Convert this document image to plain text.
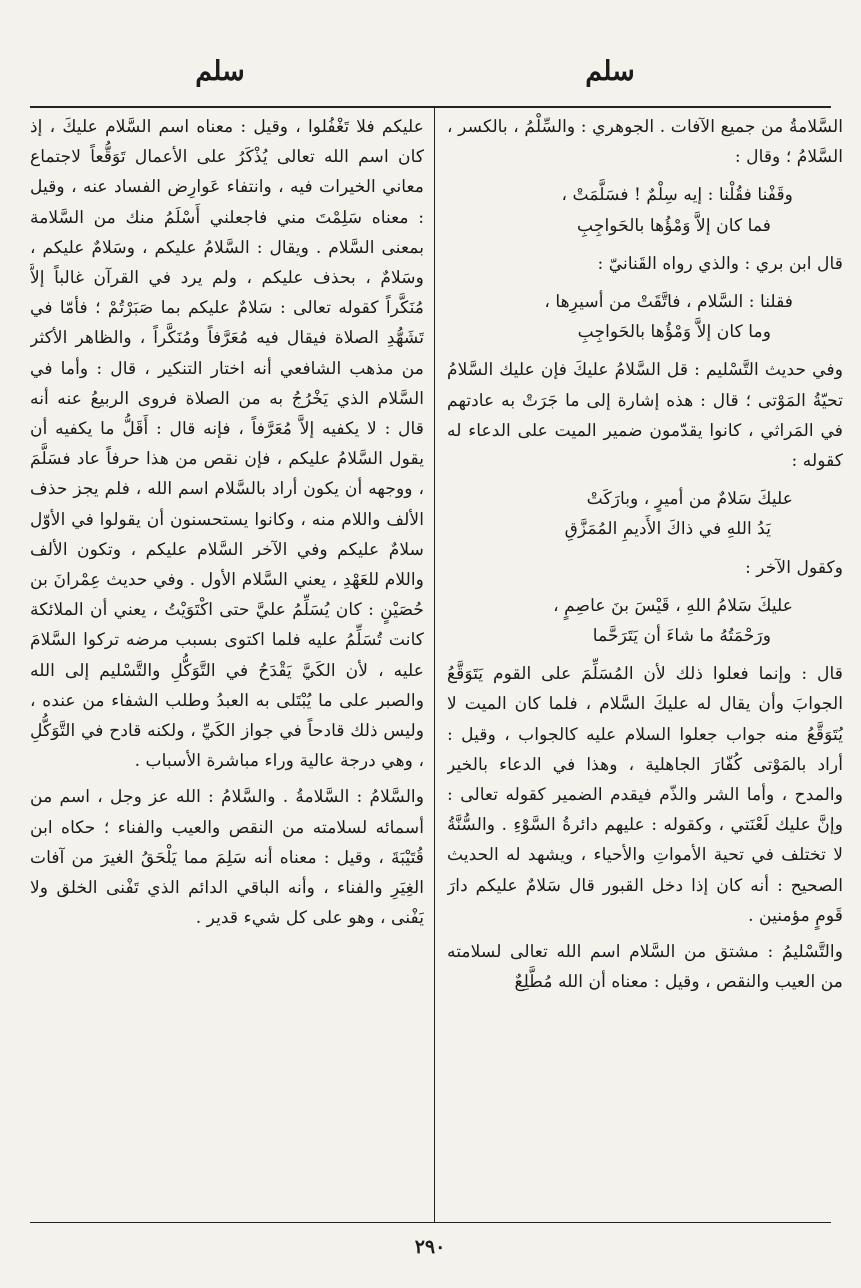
سلم
سلم

السَّلامةُ من جميع الآفات . الجوهري : والسِّلْمُ ، بالكسر ، السَّلامُ ؛ وقال :

وقَفْنا فقُلْنا : إيه سِلْمٌ ! فسَلَّمَتْ ،
فما كان إلاَّ وَمْؤُها بالحَواجِبِ

قال ابن بري : والذي رواه القَنانيّ :

فقلنا : السَّلام ، فاتَّقَتْ من أسيرِها ،
وما كان إلاَّ وَمْؤُها بالحَواجِبِ

وفي حديث التَّسْليم : قل السَّلامُ عليكَ فإن عليك السَّلامُ تحيّةُ المَوْتى ؛ قال : هذه إشارة إلى ما جَرَتْ به عادتهم في المَراثي ، كانوا يقدّمون ضمير الميت على الدعاء له كقوله :

عليكَ سَلامٌ من أميرٍ ، وبارَكَتْ
يَدُ اللهِ في ذاكَ الأَديمِ المُمَزَّقِ

وكقول الآخر :

عليكَ سَلامُ اللهِ ، قَيْسَ بنَ عاصِمٍ ،
ورَحْمَتُهُ ما شاءَ أن يَتَرَحَّما

قال : وإنما فعلوا ذلك لأن المُسَلِّمَ على القوم يَتَوَقَّعُ الجوابَ وأن يقال له عليكَ السَّلام ، فلما كان الميت لا يُتَوَقَّعُ منه جواب جعلوا السلام عليه كالجواب ، وقيل : أراد بالمَوْتى كُفّارَ الجاهلية ، وهذا في الدعاء بالخير والمدح ، وأما الشر والذّم فيقدم الضمير كقوله تعالى : وإنَّ عليك لَعْنَتي ، وكقوله : عليهم دائرةُ السَّوْءِ . والسُّنَّةُ لا تختلف في تحية الأمواتِ والأحياء ، ويشهد له الحديث الصحيح : أنه كان إذا دخل القبور قال سَلامٌ عليكم دارَ قَومٍ مؤمنين .

والتَّسْليمُ : مشتق من السَّلام اسم الله تعالى لسلامته من العيب والنقص ، وقيل : معناه أن الله مُطَّلِعٌ

عليكم فلا تَغْفُلوا ، وقيل : معناه اسم السَّلام عليكَ ، إذ كان اسم الله تعالى يُذْكَرُ على الأعمال تَوَقُّعاً لاجتماع معاني الخيرات فيه ، وانتفاء عَوارِض الفساد عنه ، وقيل : معناه سَلِمْتَ مني فاجعلني أَسْلَمُ منك من السَّلامة بمعنى السَّلام . ويقال : السَّلامُ عليكم ، وسَلامٌ عليكم ، وسَلامٌ ، بحذف عليكم ، ولم يرد في القرآن غالباً إلاَّ مُنَكَّراً كقوله تعالى : سَلامٌ عليكم بما صَبَرْتُمْ ؛ فأمّا في تَشَهُّدِ الصلاة فيقال فيه مُعَرَّفاً ومُنَكَّراً ، والظاهر الأكثر من مذهب الشافعي أنه اختار التنكير ، قال : وأما في السَّلام الذي يَخْرُجُ به من الصلاة فروى الربيعُ عنه أنه قال : لا يكفيه إلاَّ مُعَرَّفاً ، فإنه قال : أَقَلُّ ما يكفيه أن يقول السَّلامُ عليكم ، فإن نقص من هذا حرفاً عاد فسَلَّمَ ، ووجهه أن يكون أراد بالسَّلام اسم الله ، فلم يجز حذف الألف واللام منه ، وكانوا يستحسنون أن يقولوا في الأوّل سلامٌ عليكم وفي الآخر السَّلام عليكم ، وتكون الألف واللام للعَهْدِ ، يعني السَّلام الأول . وفي حديث عِمْرانَ بن حُصَيْنٍ : كان يُسَلِّمُ عليَّ حتى اكْتَوَيْتُ ، يعني أن الملائكة كانت تُسَلِّمُ عليه فلما اكتوى بسبب مرضه تركوا السَّلامَ عليه ، لأن الكَيَّ يَقْدَحُ في التَّوَكُّلِ والتَّسْليم إلى الله والصبر على ما يُبْتَلى به العبدُ وطلب الشفاء من عنده ، وليس ذلك قادحاً في جواز الكَيِّ ، ولكنه قادح في التَّوَكُّلِ ، وهي درجة عالية وراء مباشرة الأسباب .

والسَّلامُ : السَّلامةُ . والسَّلامُ : الله عز وجل ، اسم من أسمائه لسلامته من النقص والعيب والفناء ؛ حكاه ابن قُتَيْبَةَ ، وقيل : معناه أنه سَلِمَ مما يَلْحَقُ الغيرَ من آفات الغِيَرِ والفناء ، وأنه الباقي الدائم الذي تَفْنى الخلق ولا يَفْنى ، وهو على كل شيء قدير .

٢٩٠
